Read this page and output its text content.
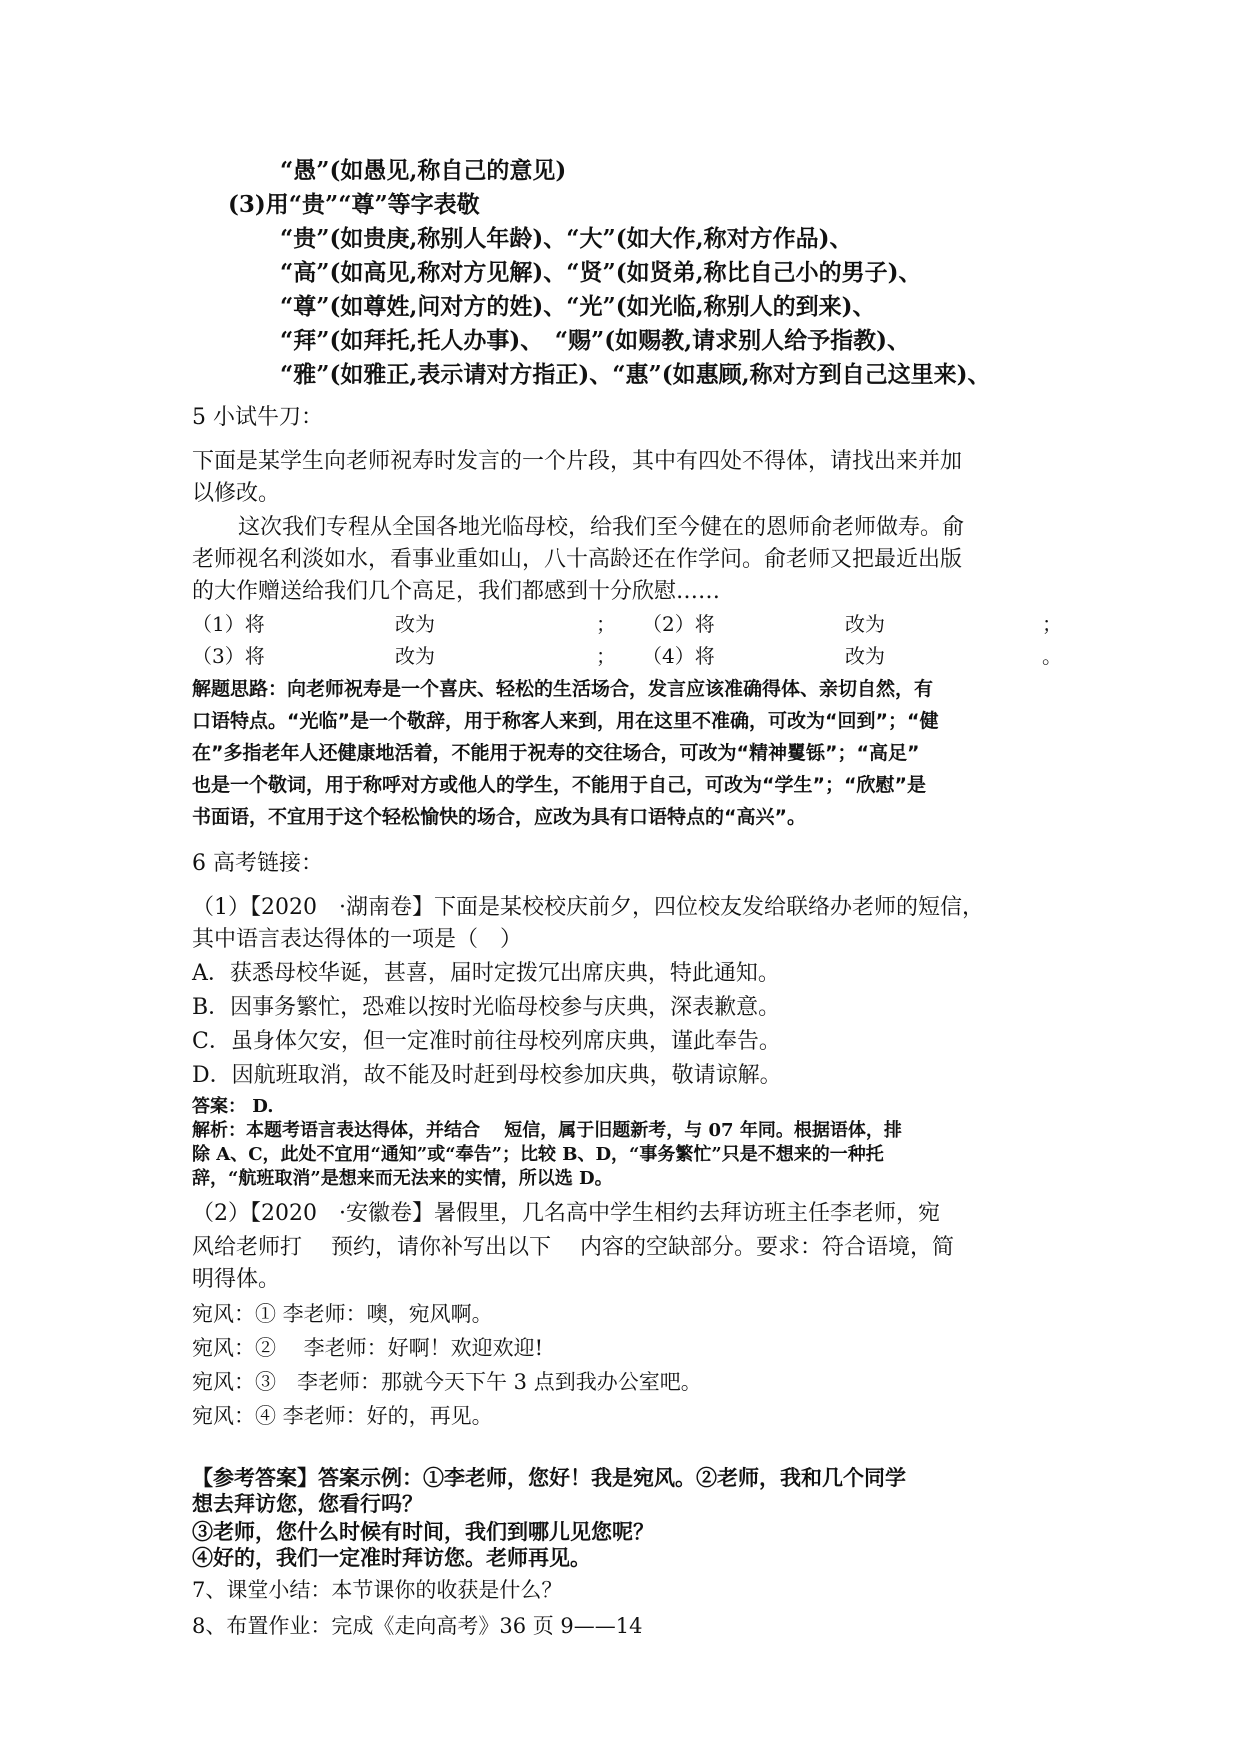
“愚”(如愚见,称自己的意见)
(3)用“贵”“尊”等字表敬
“贵”(如贵庚,称别人年龄)、“大”(如大作,称对方作品)、
“高”(如高见,称对方见解)、“贤”(如贤弟,称比自己小的男子)、
“尊”(如尊姓,问对方的姓)、“光”(如光临,称别人的到来)、
“拜”(如拜托,托人办事)、　“赐”(如赐教,请求别人给予指教)、
“雅”(如雅正,表示请对方指正)、“惠”(如惠顾,称对方到自己这里来)、
5 小试牛刀：
下面是某学生向老师祝寿时发言的一个片段，其中有四处不得体，请找出来并加
以修改。
这次我们专程从全国各地光临母校，给我们至今健在的恩师俞老师做寿。俞
老师视名利淡如水，看事业重如山，八十高龄还在作学问。俞老师又把最近出版
的大作赠送给我们几个高足，我们都感到十分欣慰……
（1）将	改为	； （2）将	改为	；
（3）将	改为	； （4）将	改为	。
解题思路：向老师祝寿是一个喜庆、轻松的生活场合，发言应该准确得体、亲切自然，有
口语特点。“光临”是一个敬辞，用于称客人来到，用在这里不准确，可改为“回到”；“健
在”多指老年人还健康地活着，不能用于祝寿的交往场合，可改为“精神矍铄”；“高足”
也是一个敬词，用于称呼对方或他人的学生，不能用于自己，可改为“学生”；“欣慰”是
书面语，不宜用于这个轻松愉快的场合，应改为具有口语特点的“高兴”。
6 高考链接：
（1）【2020　·湖南卷】下面是某校校庆前夕，四位校友发给联络办老师的短信，
其中语言表达得体的一项是（　）
A．获悉母校华诞，甚喜，届时定拨冗出席庆典，特此通知。
B．因事务繁忙，恐难以按时光临母校参与庆典，深表歉意。
C．虽身体欠安，但一定准时前往母校列席庆典，谨此奉告。
D．因航班取消，故不能及时赶到母校参加庆典，敬请谅解。
答案： D.
解析：本题考语言表达得体，并结合　 短信，属于旧题新考，与 07 年同。根据语体，排
除 A、C，此处不宜用“通知”或“奉告”；比较 B、D，“事务繁忙”只是不想来的一种托
辞，“航班取消”是想来而无法来的实情，所以选 D。
（2）【2020　·安徽卷】暑假里，几名高中学生相约去拜访班主任李老师，宛
风给老师打　 预约，请你补写出以下　 内容的空缺部分。要求：符合语境，简
明得体。
宛风：① 李老师：噢，宛风啊。
宛风：②　 李老师：好啊！欢迎欢迎!
宛风：③　李老师：那就今天下午 3 点到我办公室吧。
宛风：④ 李老师：好的，再见。
【参考答案】答案示例：①李老师，您好！我是宛风。②老师，我和几个同学
想去拜访您，您看行吗？
③老师，您什么时候有时间，我们到哪儿见您呢？
④好的，我们一定准时拜访您。老师再见。
7、课堂小结：本节课你的收获是什么？
8、布置作业：完成《走向高考》36 页 9——14
